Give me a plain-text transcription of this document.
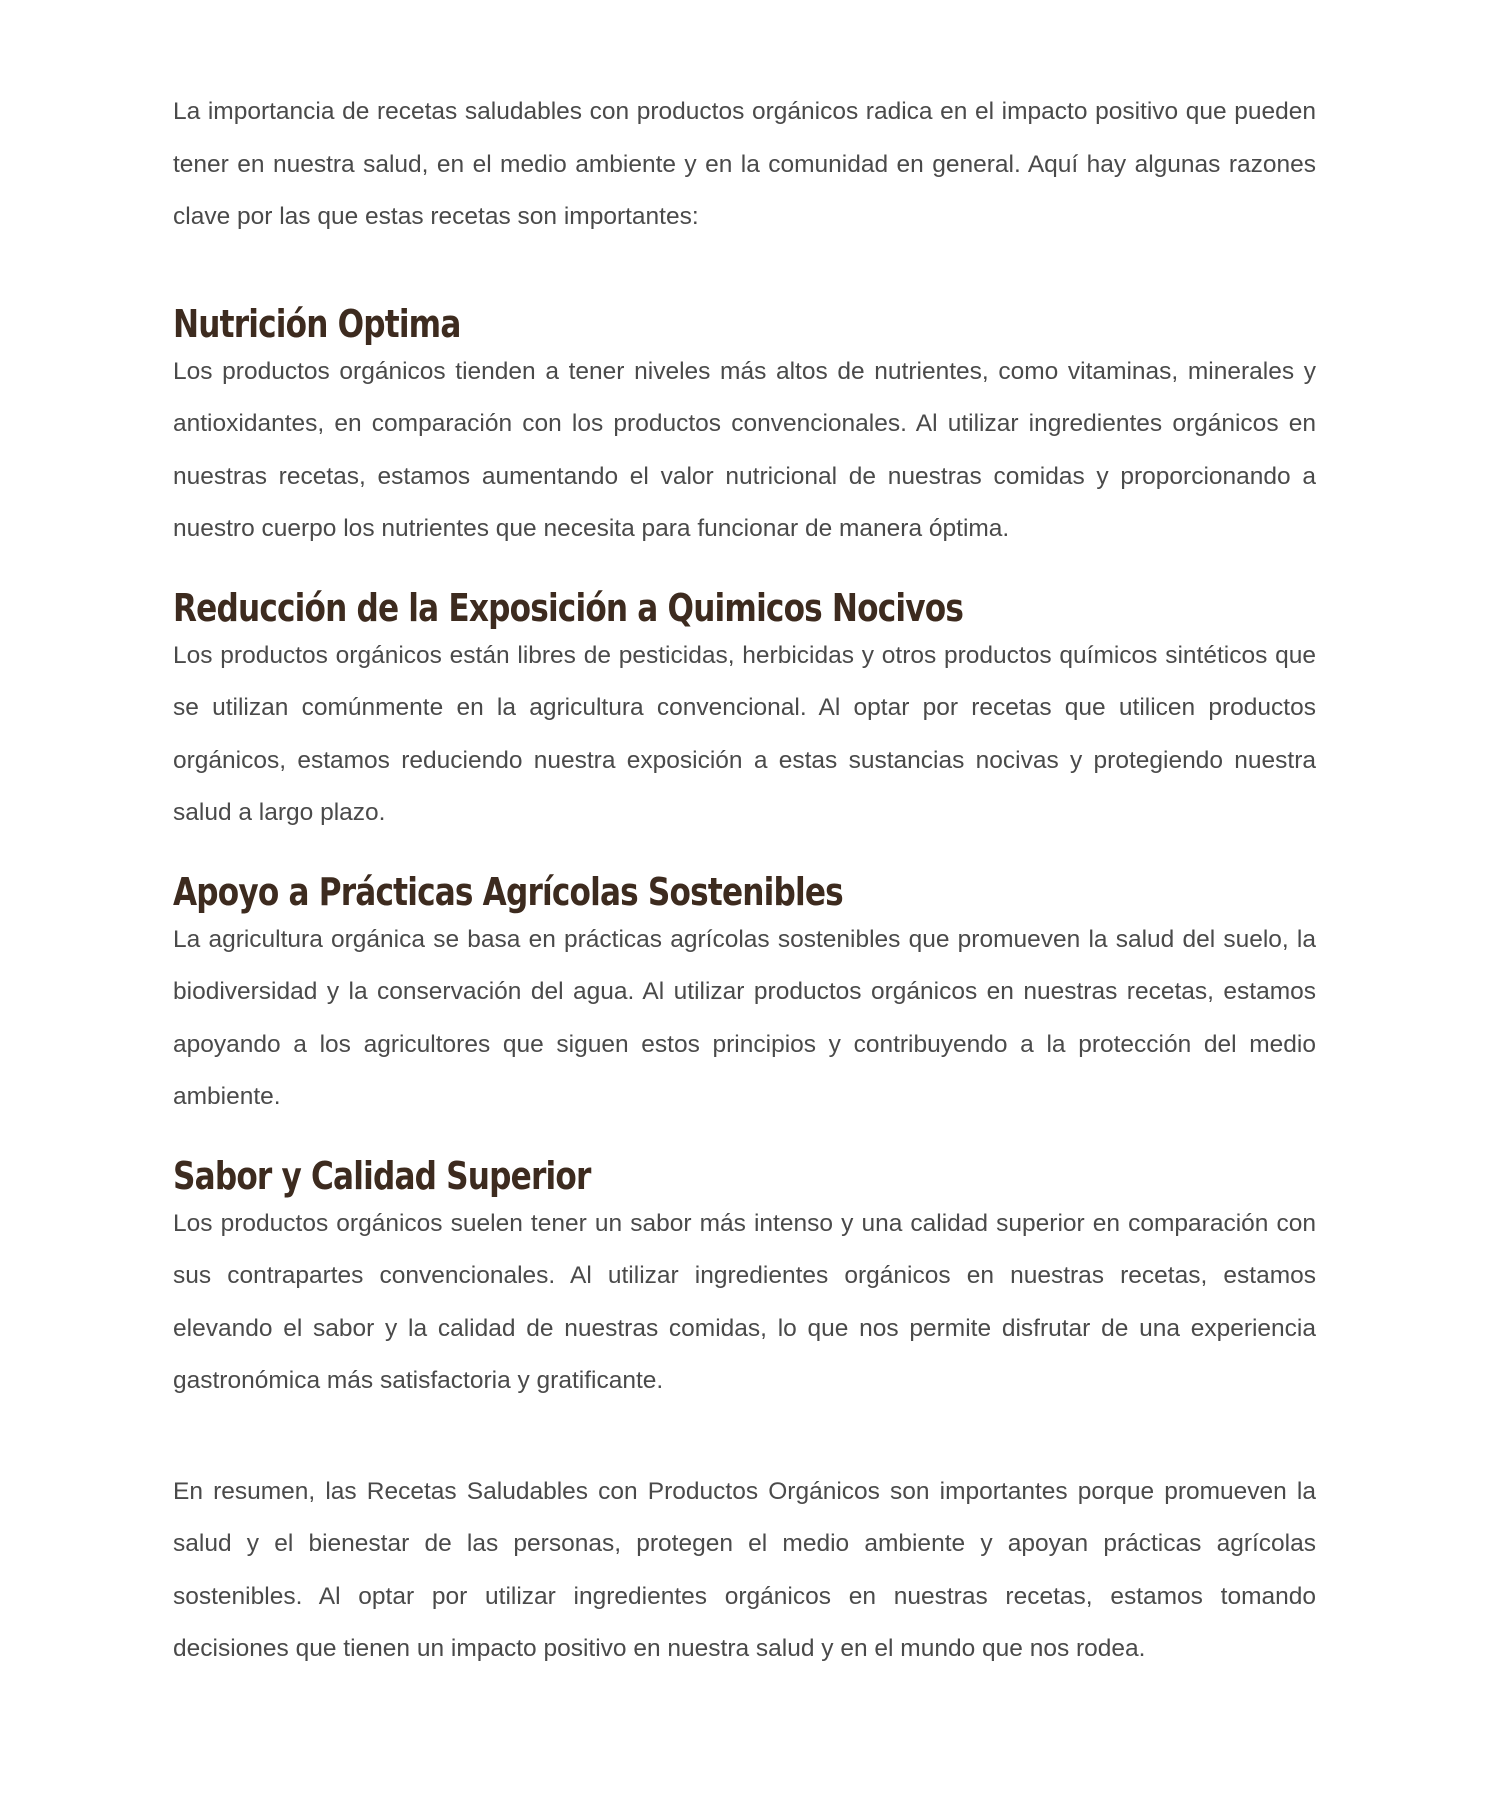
La importancia de recetas saludables con productos orgánicos radica en el impacto positivo que pueden tener en nuestra salud, en el medio ambiente y en la comunidad en general. Aquí hay algunas razones clave por las que estas recetas son importantes:

Nutrición Optima

Los productos orgánicos tienden a tener niveles más altos de nutrientes, como vitaminas, minerales y antioxidantes, en comparación con los productos convencionales. Al utilizar ingredientes orgánicos en nuestras recetas, estamos aumentando el valor nutricional de nuestras comidas y proporcionando a nuestro cuerpo los nutrientes que necesita para funcionar de manera óptima.

Reducción de la Exposición a Quimicos Nocivos

Los productos orgánicos están libres de pesticidas, herbicidas y otros productos químicos sintéticos que se utilizan comúnmente en la agricultura convencional. Al optar por recetas que utilicen productos orgánicos, estamos reduciendo nuestra exposición a estas sustancias nocivas y protegiendo nuestra salud a largo plazo.

Apoyo a Prácticas Agrícolas Sostenibles

La agricultura orgánica se basa en prácticas agrícolas sostenibles que promueven la salud del suelo, la biodiversidad y la conservación del agua. Al utilizar productos orgánicos en nuestras recetas, estamos apoyando a los agricultores que siguen estos principios y contribuyendo a la protección del medio ambiente.

Sabor y Calidad Superior

Los productos orgánicos suelen tener un sabor más intenso y una calidad superior en comparación con sus contrapartes convencionales. Al utilizar ingredientes orgánicos en nuestras recetas, estamos elevando el sabor y la calidad de nuestras comidas, lo que nos permite disfrutar de una experiencia gastronómica más satisfactoria y gratificante.

En resumen, las Recetas Saludables con Productos Orgánicos son importantes porque promueven la salud y el bienestar de las personas, protegen el medio ambiente y apoyan prácticas agrícolas sostenibles. Al optar por utilizar ingredientes orgánicos en nuestras recetas, estamos tomando decisiones que tienen un impacto positivo en nuestra salud y en el mundo que nos rodea.
